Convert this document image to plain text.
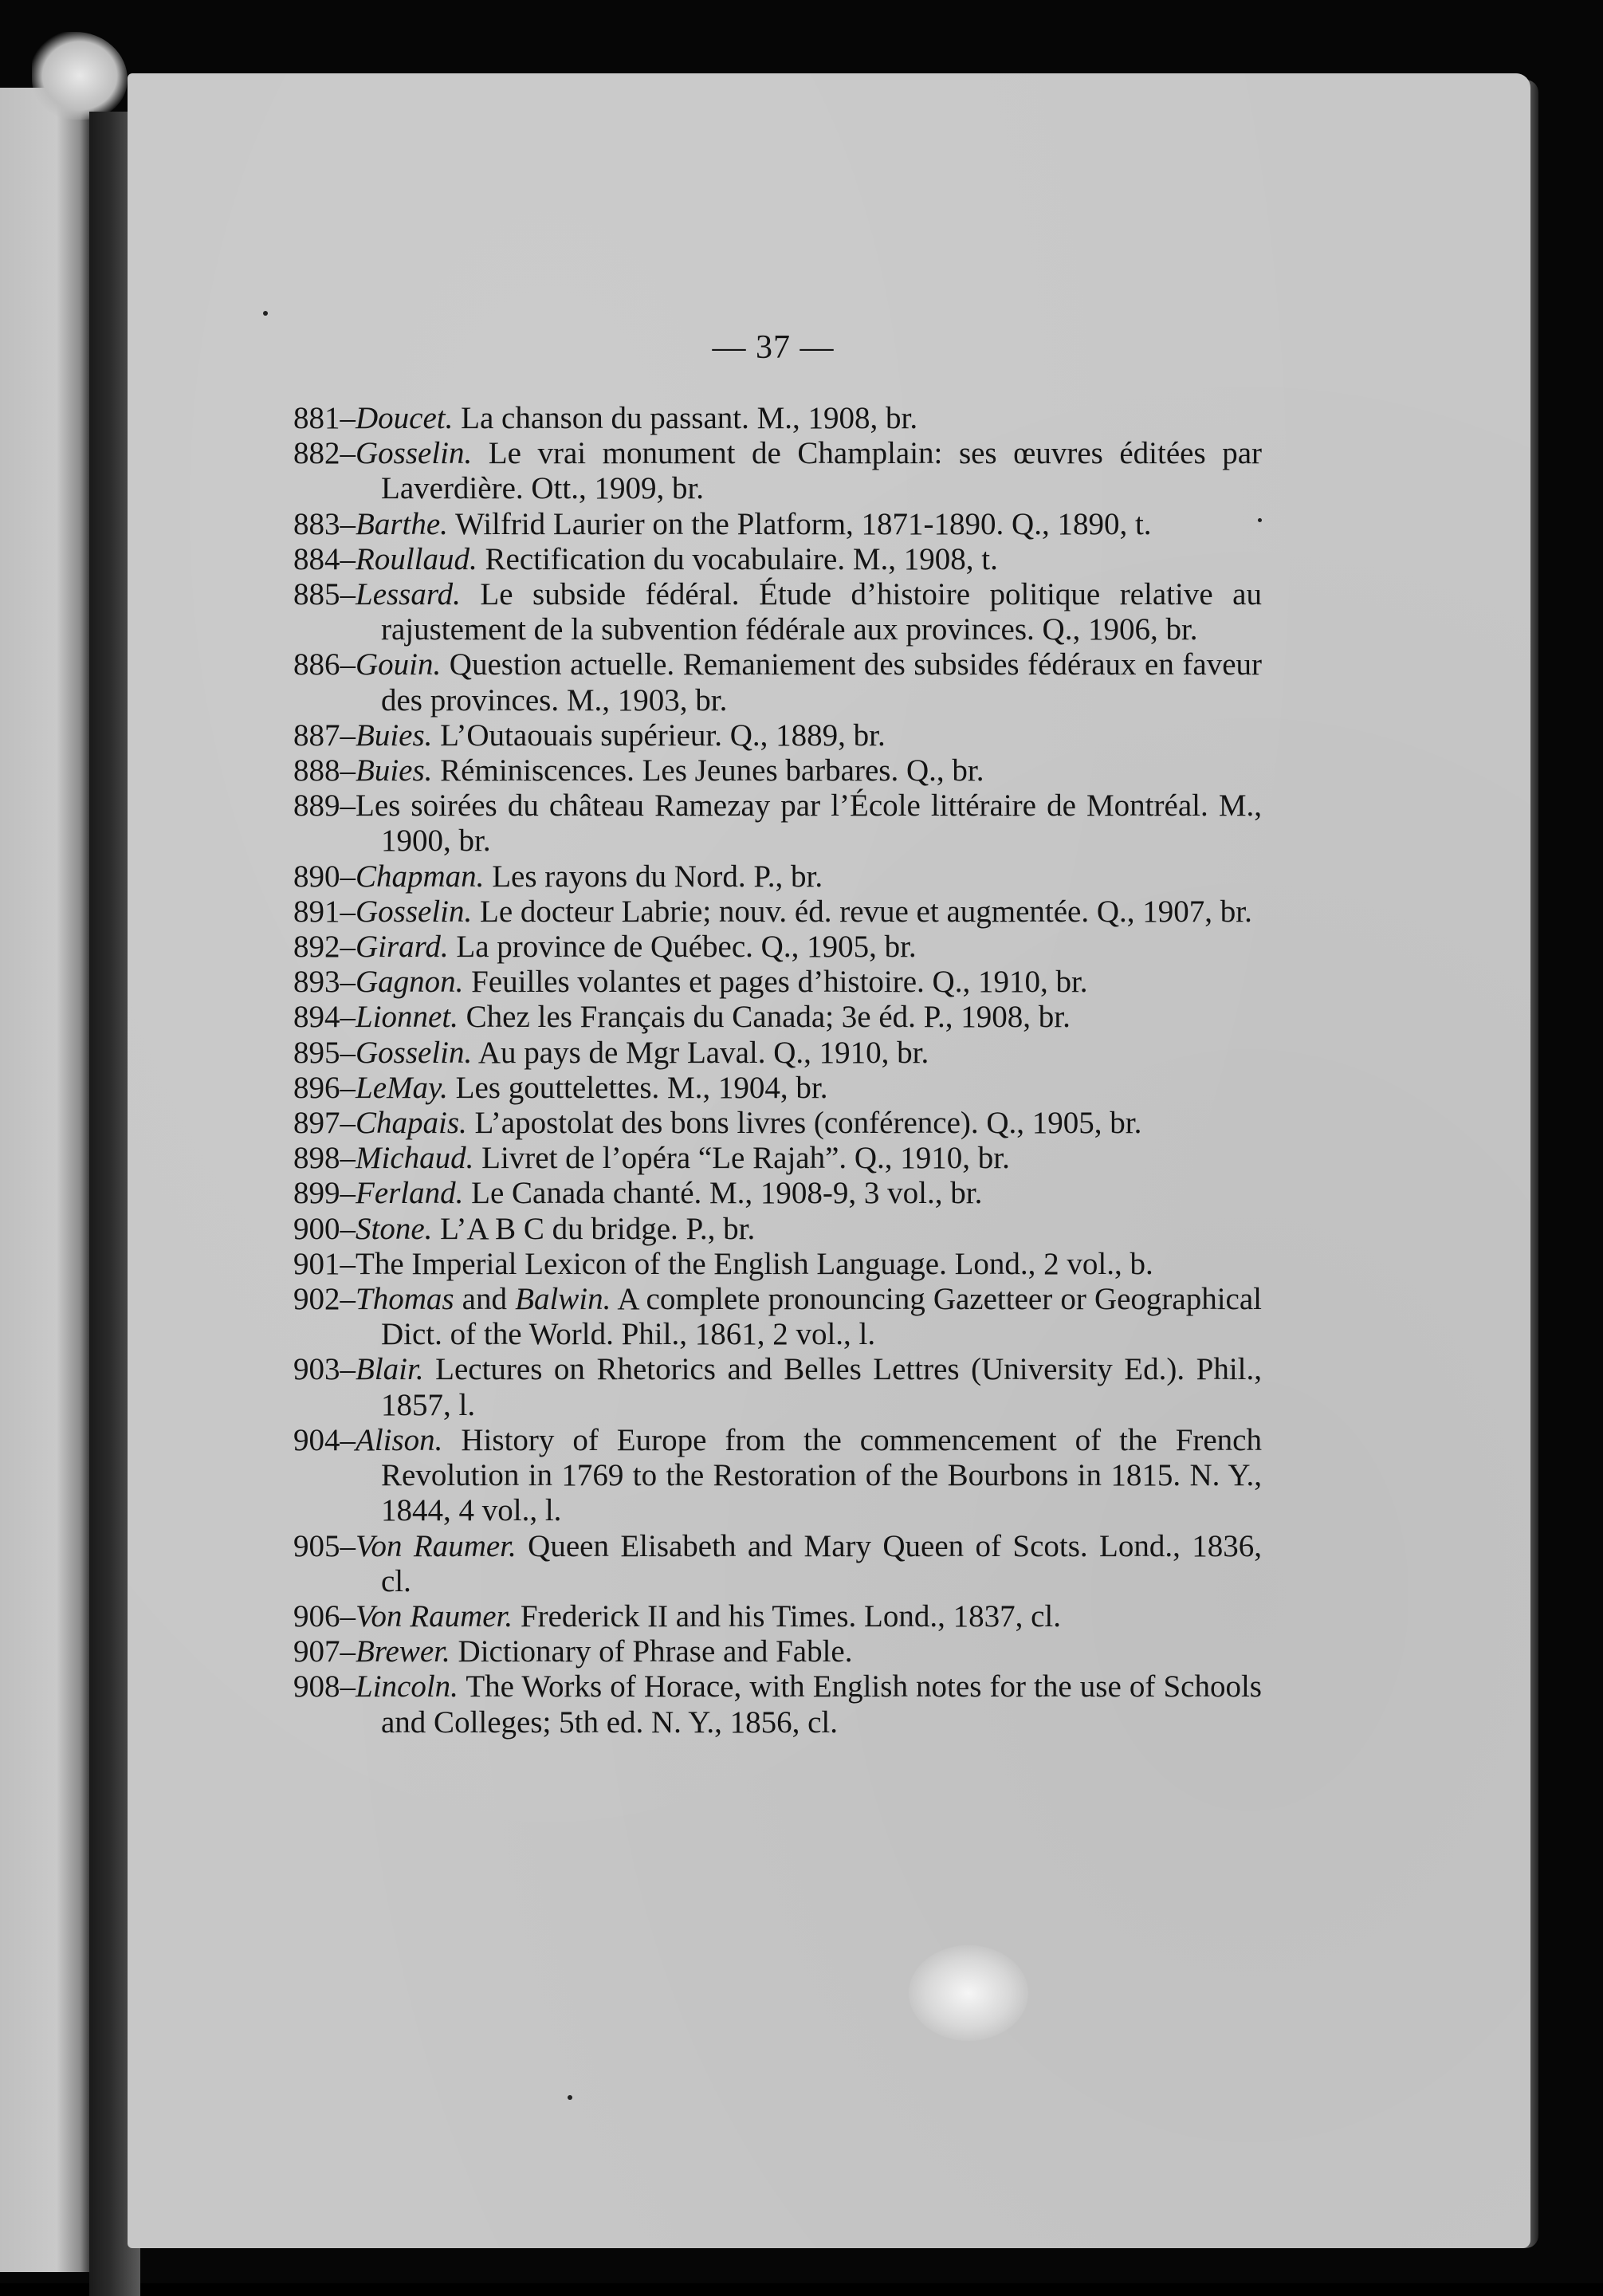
— 37 —
881–Doucet. La chanson du passant. M., 1908, br.
882–Gosselin. Le vrai monument de Champlain: ses œuvres éditées par Laverdière. Ott., 1909, br.
883–Barthe. Wilfrid Laurier on the Platform, 1871-1890. Q., 1890, t.
884–Roullaud. Rectification du vocabulaire. M., 1908, t.
885–Lessard. Le subside fédéral. Étude d’histoire politique relative au rajustement de la subvention fédérale aux provinces. Q., 1906, br.
886–Gouin. Question actuelle. Remaniement des subsides fédéraux en faveur des provinces. M., 1903, br.
887–Buies. L’Outaouais supérieur. Q., 1889, br.
888–Buies. Réminiscences. Les Jeunes barbares. Q., br.
889–Les soirées du château Ramezay par l’École littéraire de Montréal. M., 1900, br.
890–Chapman. Les rayons du Nord. P., br.
891–Gosselin. Le docteur Labrie; nouv. éd. revue et augmentée. Q., 1907, br.
892–Girard. La province de Québec. Q., 1905, br.
893–Gagnon. Feuilles volantes et pages d’histoire. Q., 1910, br.
894–Lionnet. Chez les Français du Canada; 3e éd. P., 1908, br.
895–Gosselin. Au pays de Mgr Laval. Q., 1910, br.
896–LeMay. Les gouttelettes. M., 1904, br.
897–Chapais. L’apostolat des bons livres (conférence). Q., 1905, br.
898–Michaud. Livret de l’opéra “Le Rajah”. Q., 1910, br.
899–Ferland. Le Canada chanté. M., 1908-9, 3 vol., br.
900–Stone. L’A B C du bridge. P., br.
901–The Imperial Lexicon of the English Language. Lond., 2 vol., b.
902–Thomas and Balwin. A complete pronouncing Gazetteer or Geographical Dict. of the World. Phil., 1861, 2 vol., l.
903–Blair. Lectures on Rhetorics and Belles Lettres (University Ed.). Phil., 1857, l.
904–Alison. History of Europe from the commencement of the French Revolution in 1769 to the Restoration of the Bourbons in 1815. N. Y., 1844, 4 vol., l.
905–Von Raumer. Queen Elisabeth and Mary Queen of Scots. Lond., 1836, cl.
906–Von Raumer. Frederick II and his Times. Lond., 1837, cl.
907–Brewer. Dictionary of Phrase and Fable.
908–Lincoln. The Works of Horace, with English notes for the use of Schools and Colleges; 5th ed. N. Y., 1856, cl.
